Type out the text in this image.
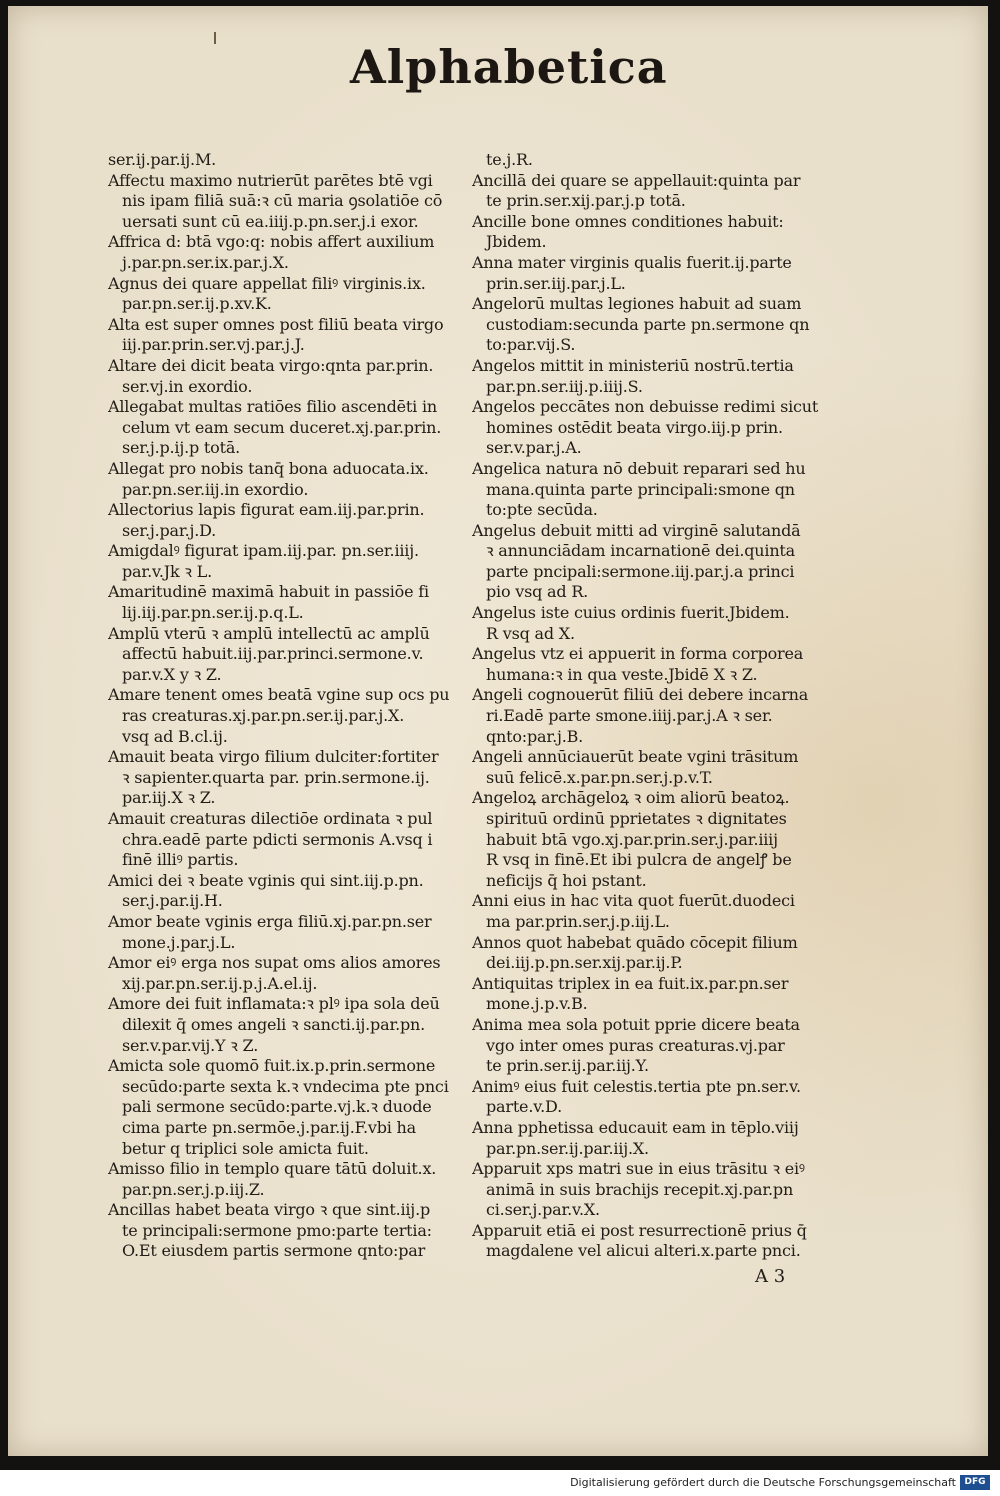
Alphabetica
ser.ij.par.ij.M.
Affectu maximo nutrierūt parētes btē vgi
nis ipam filiā suā:ꝛ cū maria ꝯsolatiōe cō
uersati sunt cū ea.iiij.p.pn.ser.j.i exor.
Affrica d: btā vgo:q: nobis affert auxilium
j.par.pn.ser.ix.par.j.X.
Agnus dei quare appellat filiꝰ virginis.ix.
par.pn.ser.ij.p.xv.K.
Alta est super omnes post filiū beata virgo
iij.par.prin.ser.vj.par.j.J.
Altare dei dicit beata virgo:qnta par.prin.
ser.vj.in exordio.
Allegabat multas ratiōes filio ascendēti in
celum vt eam secum duceret.xj.par.prin.
ser.j.p.ij.p totā.
Allegat pro nobis tanq̄ bona aduocata.ix.
par.pn.ser.iij.in exordio.
Allectorius lapis figurat eam.iij.par.prin.
ser.j.par.j.D.
Amigdalꝰ figurat ipam.iij.par. pn.ser.iiij.
par.v.Jk ꝛ L.
Amaritudinē maximā habuit in passiōe fi
lij.iij.par.pn.ser.ij.p.q.L.
Amplū vterū ꝛ amplū intellectū ac amplū
affectū habuit.iij.par.princi.sermone.v.
par.v.X y ꝛ Z.
Amare tenent omes beatā vgine sup ocs pu
ras creaturas.xj.par.pn.ser.ij.par.j.X.
vsq ad B.cl.ij.
Amauit beata virgo filium dulciter:fortiter
ꝛ sapienter.quarta par. prin.sermone.ij.
par.iij.X ꝛ Z.
Amauit creaturas dilectiōe ordinata ꝛ pul
chra.eadē parte pdicti sermonis A.vsq i
finē illiꝰ partis.
Amici dei ꝛ beate vginis qui sint.iij.p.pn.
ser.j.par.ij.H.
Amor beate vginis erga filiū.xj.par.pn.ser
mone.j.par.j.L.
Amor eiꝰ erga nos supat oms alios amores
xij.par.pn.ser.ij.p.j.A.el.ij.
Amore dei fuit inflamata:ꝛ plꝰ ipa sola deū
dilexit q̄ omes angeli ꝛ sancti.ij.par.pn.
ser.v.par.vij.Y ꝛ Z.
Amicta sole quomō fuit.ix.p.prin.sermone
secūdo:parte sexta k.ꝛ vndecima pte pnci
pali sermone secūdo:parte.vj.k.ꝛ duode
cima parte pn.sermōe.j.par.ij.F.vbi ha
betur q triplici sole amicta fuit.
Amisso filio in templo quare tātū doluit.x.
par.pn.ser.j.p.iij.Z.
Ancillas habet beata virgo ꝛ que sint.iij.p
te principali:sermone pmo:parte tertia:
O.Et eiusdem partis sermone qnto:par
te.j.R.
Ancillā dei quare se appellauit:quinta par
te prin.ser.xij.par.j.p totā.
Ancille bone omnes conditiones habuit:
Jbidem.
Anna mater virginis qualis fuerit.ij.parte
prin.ser.iij.par.j.L.
Angelorū multas legiones habuit ad suam
custodiam:secunda parte pn.sermone qn
to:par.vij.S.
Angelos mittit in ministeriū nostrū.tertia
par.pn.ser.iij.p.iiij.S.
Angelos peccātes non debuisse redimi sicut
homines ostēdit beata virgo.iij.p prin.
ser.v.par.j.A.
Angelica natura nō debuit reparari sed hu
mana.quinta parte principali:smone qn
to:pte secūda.
Angelus debuit mitti ad virginē salutandā
ꝛ annunciādam incarnationē dei.quinta
parte pncipali:sermone.iij.par.j.a princi
pio vsq ad R.
Angelus iste cuius ordinis fuerit.Jbidem.
R vsq ad X.
Angelus vtz ei appuerit in forma corporea
humana:ꝛ in qua veste.Jbidē X ꝛ Z.
Angeli cognouerūt filiū dei debere incarna
ri.Eadē parte smone.iiij.par.j.A ꝛ ser.
qnto:par.j.B.
Angeli annūciauerūt beate vgini trāsitum
suū felicē.x.par.pn.ser.j.p.v.T.
Angeloꝝ archāgeloꝝ ꝛ oim aliorū beatoꝝ.
spirituū ordinū pprietates ꝛ dignitates
habuit btā vgo.xj.par.prin.ser.j.par.iiij
R vsq in finē.Et ibi pulcra de angelꝭ be
neficijs q̄ hoi pstant.
Anni eius in hac vita quot fuerūt.duodeci
ma par.prin.ser.j.p.iij.L.
Annos quot habebat quādo cōcepit filium
dei.iij.p.pn.ser.xij.par.ij.P.
Antiquitas triplex in ea fuit.ix.par.pn.ser
mone.j.p.v.B.
Anima mea sola potuit pprie dicere beata
vgo inter omes puras creaturas.vj.par
te prin.ser.ij.par.iij.Y.
Animꝰ eius fuit celestis.tertia pte pn.ser.v.
parte.v.D.
Anna pphetissa educauit eam in tēplo.viij
par.pn.ser.ij.par.iij.X.
Apparuit xps matri sue in eius trāsitu ꝛ eiꝰ
animā in suis brachijs recepit.xj.par.pn
ci.ser.j.par.v.X.
Apparuit etiā ei post resurrectionē prius q̄
magdalene vel alicui alteri.x.parte pnci.
A 3
Digitalisierung gefördert durch die Deutsche Forschungsgemeinschaft DFG
